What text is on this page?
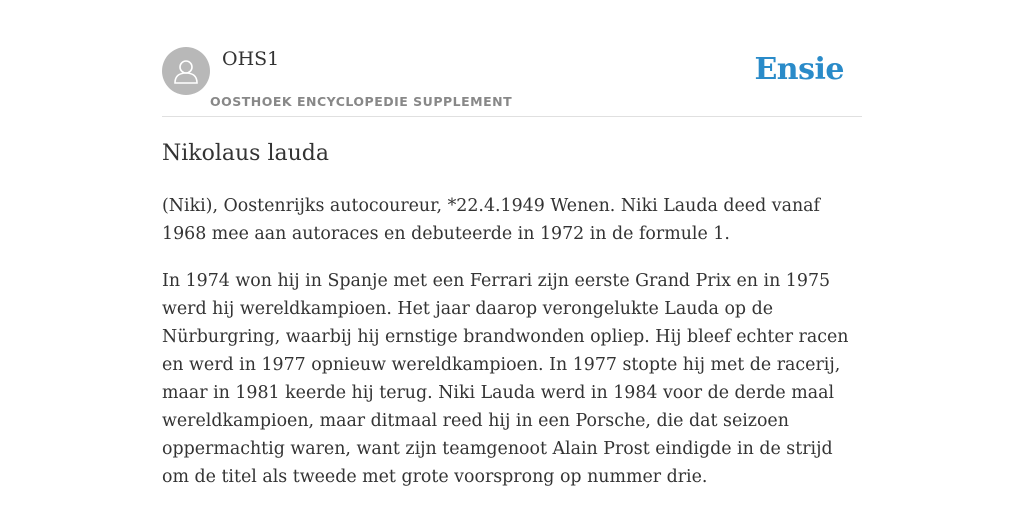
OHS1
OOSTHOEK ENCYCLOPEDIE SUPPLEMENT
Ensie
Nikolaus lauda

(Niki), Oostenrijks autocoureur, *22.4.1949 Wenen. Niki Lauda deed vanaf 1968 mee aan autoraces en debuteerde in 1972 in de formule 1.

In 1974 won hij in Spanje met een Ferrari zijn eerste Grand Prix en in 1975 werd hij wereldkampioen. Het jaar daarop verongelukte Lauda op de Nürburgring, waarbij hij ernstige brandwonden opliep. Hij bleef echter racen en werd in 1977 opnieuw wereldkampioen. In 1977 stopte hij met de racerij, maar in 1981 keerde hij terug. Niki Lauda werd in 1984 voor de derde maal wereldkampioen, maar ditmaal reed hij in een Porsche, die dat seizoen oppermachtig waren, want zijn teamgenoot Alain Prost eindigde in de strijd om de titel als tweede met grote voorsprong op nummer drie.
